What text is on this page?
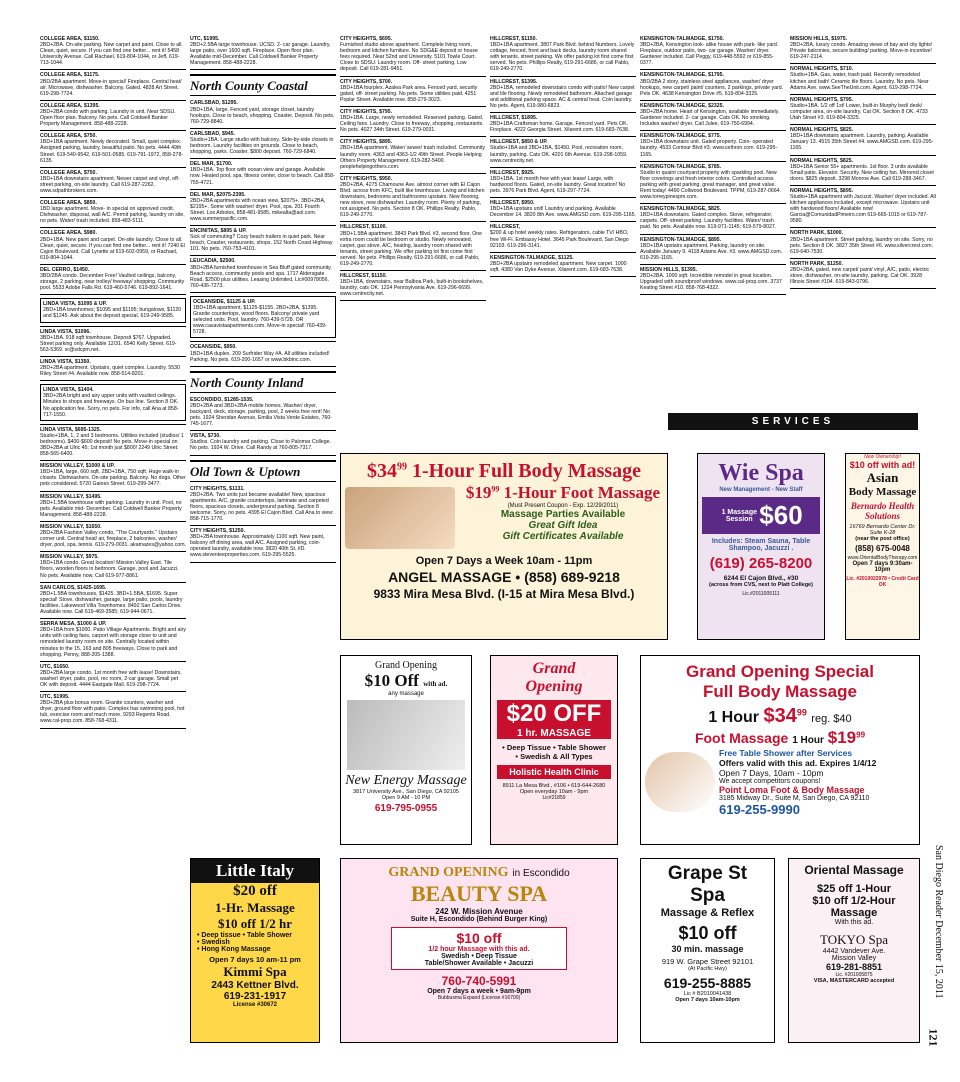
COLLEGE AREA, $1150.
2BD+2BA. On-site parking. New carpet and paint. Close to all. Clean, quiet, secure. If you can find one better... rent it! 5458 University Avenue. Call Rachael, 619-804-1044, or Jeff, 619-713-1044.
COLLEGE AREA, $1175.
2BD/2BA apartment. Move-in special! Fireplace. Central heat/ air. Microwave, dishwasher. Balcony. Gated. 4828 Art Street. 619-298-7724.
COLLEGE AREA, $1395.
2BD+2BA condo with parking. Laundry in unit. Near SDSU. Open floor plan. Balcony. No pets. Call Coldwell Banker Property Management. 858-488-2228.
COLLEGE AREA, $750.
1BD+1BA apartment. Newly decorated. Small, quiet complex. Assigned parking, laundry, beautiful patio. No pets. 4444 49th Street. 619-540-9542, 619-501-0585. 619-791-1972, 858-278-6135.
COLLEGE AREA, $750.
1BD+1BA downstairs apartment. Newer carpet and vinyl, off- street parking, on-site laundry. Call 619-287-2262. www.sdpathbrokers.com.
COLLEGE AREA, $850.
1BD large apartment. Move- in special on approved credit. Dishwasher, disposal, wall A/C. Permit parking, laundry on site, no pets. Water/ trash included. 858-483-5111.
COLLEGE AREA, $980.
2BD+1BA. New paint and carpet. On-site laundry. Close to all. Clean, quiet, secure. If you can find one better... rent it! 7240 El Cajon Boulevard. Call Lynette at 619-602-0959, or Rachael, 619-804-1044.
DEL CERRO, $1450.
3BD/2BA condo. December Free! Vaulted ceilings, balcony, storage, 2 parking, near trolley/ freeway/ shopping. Community pool. 5533 Adobe Falls Rd. 619-460-5746. 619-892-1641.
LINDA VISTA, $1095 & UP.
2BD+1BA townhomes; $1095 and $1195; bungalows, $1120 and $1245. Ask about the deposit special. 619-249-9585.
LINDA VISTA, $1096.
3BD+1BA. 918 sqft townhouse. Deposit $767. Upgraded. Street parking only. Available 12/31. 6540 Kelly Street. 619-563-5369. sr@sdcpm.net.
LINDA VISTA, $1350.
2BD+2BA apartment. Upstairs, quiet complex. Laundry. 5530 Riley Street #4. Available now. 858-514-8201.
LINDA VISTA, $1404.
3BD+2BA bright and airy upper units with vaulted ceilings. Minutes to shops and freeways. On bus line. Section 8 OK. No application fee. Sorry, no pets. For info, call Ana at 858-717-1550.
LINDA VISTA, $695-1325.
Studio+1BA, 1, 2 and 3 bedrooms. Utilities included (studios/ 1 bedrooms). $400-$600 deposit! No pets. Move-in special on 3BD+2BA at Ulric 45; 1st month just $800! 2249 Ulric Street. 858-565-6400.
MISSION VALLEY, $1000 & UP.
1BD+1BA, large, 660 sqft. 2BD+1BA, 750 sqft. Huge walk-in closets. Dishwashers. On-site parking. Balcony. No dogs. Other pets considered. 5720 Gaines Street. 619-299-3477.
MISSION VALLEY, $1495.
2BD+1.5BA townhouse with parking. Laundry in unit. Pool, no pets. Available mid- December. Call Coldwell Banker Property Management. 858-488-2228.
MISSION VALLEY, $1650.
2BD+2BA Fashion Valley condo, "The Courtyards." Upstairs corner unit. Central heat/ air, fireplace, 2 balconies, washer/ dryer, pool, spa, tennis. 619-279-0031. akamazes@yahoo.com.
MISSION VALLEY, $975.
1BD+1BA condo. Great location! Mission Valley East. Tile floors, wooden floors in bedroom. Garage, pool and Jacuzzi. No pets. Available now. Call 619-977-8861.
SAN CARLOS, $1425-1695.
2BD+1.5BA townhouses, $1425. 3BD+1.5BA, $1695. Super special! Stove, dishwasher, garage, large patio, pools, laundry facilities. Lakewood Villa Townhomes. 8492 San Carlos Drive. Available now. Call 619-469-3585; 619-944-0671.
SERRA MESA, $1000 & UP.
2BD+1BA from $1000. Patio Village Apartments. Bright and airy units with ceiling fans, carport with storage close to unit and remodeled laundry room on site. Centrally located within minutes to the 15, 163 and 805 freeways. Close to park and shopping. Penny, 888-205-1388.
UTC, $1650.
2BD+2BA large condo. 1st month free with lease! Downstairs, washer/ dryer, patio, pool, rec room, 2-car garage. Small pet OK with deposit. 4444 Eastgate Mall. 619-298-7724.
UTC, $1995.
2BD+2BA plus bonus room. Granite counters, washer and dryer, ground floor with patio. Complex has swimming pool, hot tub, exercise room and much more. 9293 Regents Road. www.cal-prop.com. 858-768-4311.
UTC, $1995.
2BD+2.5BA large townhouse. UCSD. 2- car garage. Laundry, large patio, over 1600 sqft. Fireplace. Open floor plan. Available mid-December. Call Coldwell Banker Property Management. 858-488-2228.
North County Coastal
CARLSBAD, $1295.
2BD+1BA, large. Fenced yard, storage closet, laundry hookups. Close to beach, shopping. Coaster. Deposit. No pets. 760-729-8840.
CARLSBAD, $945.
Studio+1BA. Large studio with balcony. Side-by-side closets in bedroom. Laundry facilities on grounds. Close to beach, shopping, parks. Coaster. $800 deposit. 760-729-6840.
DEL MAR, $1700.
1BD+1BA. Top floor with ocean view and garage. Available now. Heated pool, spa, fitness center, close to beach. Call 858-755-4721.
DEL MAR, $2075-2395.
2BD+2BA apartments with ocean view, $2075+. 3BD+2BA, $2195+. Some with washer/ dryer. Pool, spa. 201 Fourth Street. Los Arboles, 858-481-9585. mikealta@aol.com. www.summerpacific.com.
ENCINITAS, $895 & UP.
Sick of commuting? Cozy beach trailers in quiet park. Near beach, Coaster, restaurants, shops. 152 North Coast Highway 101. No pets. 760-753-4101.
LEUCADIA, $2500.
3BD+2BA furnished townhouse in Sea Bluff gated community. Beach access, community pools and spa. 1717 Aldersgate Road. $2500 plus utilities. Leasing Unlimited, Lic#00978056. 760-436-7273.
OCEANSIDE, $1125 & UP.
1BD+1BA apartment, $1125-$1155. 2BD+2BA, $1395. Granite countertops, wood floors. Balcony/ private yard selected units. Pool, laundry. 760-439-5728. OR www.casavistaapartments.com. Move-in special! 760-439-5728.
OCEANSIDE, $950.
1BD+1BA duplex. 209 Surfrider Way #A. All utilities included! Parking. No pets. 619-200-1657 or www.bkbinc.com.
North County Inland
ESCONDIDO, $1285-1535.
2BD+2BA and 3BD+2BA mobile homes. Washer/ dryer, backyard, deck, storage, parking, pool, 2 weeks free rent! No pets. 1924 Sheridan Avenue, Emilia Vista Verde Estates, 760-745-1677.
VISTA, $730.
Studios. Coin laundry and parking. Close to Palomar College. No pets. 1924 W. Drive. Call Randy at 760-805-7317.
Old Town & Uptown
CITY HEIGHTS, $1131.
2BD+2BA. Two units just became available! New, spacious apartments. A/C, granite countertops, laminate and carpeted floors, spacious closets, underground parking. Section 8 welcome. Sorry, no pets. 4395 El Cajon Blvd. Call Ana to view: 858-715-1770.
CITY HEIGHTS, $1250.
3BD+2BA townhouse. Approximately 1100 sqft. New paint, balcony off dining area, wall A/C. Assigned parking, coin-operated laundry, available now. 3820 40th St. #D. www.steventeeproperties.com. 619-295-5525.
CITY HEIGHTS, $695.
Furnished studio above apartment. Complete living room, bedroom and kitchen furniture. No SDG&E deposit or house fees required. Near 52nd and University. 5101 Towle Court. Close to SDSU. Laundry room. Off- street parking. Low deposit. Call 619-281-9451.
CITY HEIGHTS, $700.
1BD+1BA fourplex. Azalea Park area. Fenced yard, security gated, off- street parking. No pets. Some utilities paid. 4251 Poplar Street. Available now. 858-279-3023.
CITY HEIGHTS, $795.
1BD+1BA. Large, newly remodeled. Reserved parking. Gated. Ceiling fans. Laundry. Close to freeway, shopping, restaurants. No pets. 4027 34th Street. 619-279-0031.
CITY HEIGHTS, $895.
2BD+1BA apartment. Water/ sewer/ trash included. Community laundry room. 4363 and 4363-1/2 49th Street. People Helping Others Property Management. 619-282-5400. peoplehelpingothers.com.
CITY HEIGHTS, $950.
2BD+2BA, 4275 Chamoune Ave. almost corner with El Cajon Blvd. across from KFC, built like townhouse. Living and kitchen downstairs, bedrooms and bathrooms upstairs. New flooring, new stove, new dishwasher. Laundry room. Plenty of parking, not assigned. No pets. Section 8 OK. Phillips Realty. Pablo, 619-249-2770.
HILLCREST, $1100.
2BD+1.5BA apartment. 3843 Park Blvd. #3, second floor. One extra room could be bedroom or studio. Newly renovated, carpet, gas stove. A/C, heating, laundry room shared with tenants, street parking. We offer parking lot first come first served. No pets. Phillips Realty, 619-291-6686, or call Pablo, 619-249-2770.
HILLCREST, $1150.
1BD+1BA, downstairs, near Balboa Park, built-in bookshelves, laundry, cats OK. 1224 Pennsylvania Ave. 619-296-6699. www.centrecity.net.
HILLCREST, $1150.
1BD+1BA apartment. 3807 Park Blvd. behind Numbers. Lovely cottage, fenced, front and back decks, laundry room shared with tenants, street parking. We offer parking lot first come first served. No pets. Phillips Realty, 619-291-6686, or call Pablo, 619-249-2770.
HILLCREST, $1395.
2BD+1BA, remodeled downstairs condo with patio! New carpet and tile flooring. Newly remodeled bathroom. Attached garage and additional parking space. AC & central heat. Coin laundry. No pets. Agent, 619-980-6823.
HILLCREST, $1895.
2BD+1BA Craftsman home. Garage. Fenced yard. Pets OK. Fireplace. 4222 Georgia Street. Xilarent.com. 619-683-7638.
HILLCREST, $850 & UP.
Studio+1BA and 2BD+1BA, $1450. Pool, recreation room, laundry, parking. Cats OK. 4201 6th Avenue. 619-298-1059. www.centrecity.net.
HILLCREST, $925.
1BD+1BA. 1st month free with year lease! Large, with hardwood floors. Gated, on-site laundry. Great location! No pets. 3976 Park Blvd. Agent, 619-297-7724.
HILLCREST, $950.
1BD+1BA upstairs unit! Laundry and parking. Available December 14. 3820 8th Ave. www.AMGSD.com. 619-295-1165.
HILLCREST,
$200 & up hotel weekly rates. Refrigerators, cable TV/ HBO, free Wi-Fi. Embassy Hotel. 3645 Park Boulevard, San Diego 92103. 619-296-3141.
KENSINGTON-TALMADGE, $1125.
2BD+2BA upstairs remodeled apartment. New carpet. 1000 sqft. 4380 Van Dyke Avenue. Xilarent.com. 619-683-7638.
KENSINGTON-TALMADGE, $1750.
3BD+2BA, Kensington look- alike house with park- like yard. Fireplace, outdoor patio, two- car garage. Washer/ dryer. Gardener included. Call Peggy, 619-448-5592 or 619-855-0377.
KENSINGTON-TALMADGE, $1795.
3BD/2BA 2 story, stainless steel appliances, washer/ dryer hookups, new carpet/ paint/ counters, 2 parkings, private yard. Pets OK. 4638 Kensington Drive #5. 619-804-3325.
KENSINGTON-TALMADGE, $2325.
3BD+2BA home. Heart of Kensington, available immediately. Gardener included. 2- car garage. Cats OK. No smoking. Includes washer/ dryer. Call Julee, 619-750-6994.
KENSINGTON-TALMADGE, $775.
1BD+1BA downstairs unit. Gated property. Coin- operated laundry. 4533 Contour Blvd #3. www.cethron.com. 619-295-1165.
KENSINGTON-TALMADGE, $785.
Studio in quaint courtyard property with sparkling pool. New floor coverings and fresh interior colors. Controlled access parking with great parking, great manager, and great value. Rent today! 4490 Collwood Boulevard. TPPM, 619-287-0664. www.torreypinespm.com.
KENSINGTON-TALMADGE, $825.
1BD+1BA downstairs. Gated complex. Stove, refrigerator, carpets. Off- street parking. Laundry facilities. Water/ trash paid. No pets. Available now. 619-971-1145; 619-579-8027.
KENSINGTON-TALMADGE, $895.
1BD+1BA upstairs apartment. Parking, laundry on site. Available January 9. 4118 Adams Ave. #3. www.AMGSD.com. 619-295-1165.
MISSION HILLS, $1395.
2BD+2BA. 1000 sqft. Incredible remodel in great location. Upgraded with soundproof windows. www.cal-prop.com. 3737 Keating Street #10. 858-768-4322.
MISSION HILLS, $1975.
2BD+2BA, luxury condo. Amazing views of bay and city lights! Private balconies, secure building/ parking. Move-in incentive! 619-247-2114.
NORMAL HEIGHTS, $710.
Studio+1BA. Gas, water, trash paid. Recently remodeled kitchen and bath! Ceramic tile floors. Laundry. No pets. Near Adams Ave. www.SeeTheUnit.com. Agent, 619-298-7724.
NORMAL HEIGHTS, $795.
Studio+1BA. 1/2 off 1st! Lower, built-in Murphy bed/ desk/ computer area, on-site laundry. Cat OK. Section 8 OK. 4733 Utah Street #3. 619-804-3325.
NORMAL HEIGHTS, $825.
1BD+1BA downstairs apartment. Laundry, parking. Available January 13. 4515 35th Street #4. www.AMGSD.com. 619-295-1165.
NORMAL HEIGHTS, $825.
1BD+1BA Senior 55+ apartments. 1st floor. 3 units available Small patio. Elevator. Security. New ceiling fan. Mirrored closet doors. $825 deposit. 3298 Monroe Ave. Call 619-288-3467.
NORMAL HEIGHTS, $895.
Studio+1BA apartment with Jacuzzi. Washer/ dryer included. All kitchen appliances included, except microwave. Upstairs unit with hardwood floors! Available now! Garcia@ComunidadPimeiro.com 619-665-1015 or 619-787-9580.
NORTH PARK, $1000.
2BD+1BA apartment. Street parking, laundry on site. Sorry, no pets. Section 8 OK. 3827 35th Street #6. www.silvercrest.com. 619-640-7530.
NORTH PARK, $1250.
2BD+2BA, gated, new carpet/ paint/ vinyl, A/C, patio, electric stove, dishwasher, on-site laundry, parking. Cat OK. 3928 Illinois Street #104. 619-843-0796.
SERVICES
$\$34^{99}$ 1-Hour Full Body Massage
$\$19^{99}$ 1-Hour Foot Massage
(Must Present Coupon - Exp. 12/29/2011)
Massage Parties Available
Great Gift Idea
Gift Certificates Available
Open 7 Days a Week 10am - 11pm
ANGEL MASSAGE • (858) 689-9218
9833 Mira Mesa Blvd. (I-15 at Mira Mesa Blvd.)
Wie Spa
New Management - New Staff
1 Massage Session $60
Includes: Steam Sauna, Table Shampoo, Jacuzzi .
(619) 265-8200
6244 El Cajon Blvd., #30
(across from CVS, next to Platt College)
Lic.#2011005111
New Ownership!
$10 off with ad!
Asian
Body Massage
Bernardo Health Solutions
16769 Bernardo Center Dr. Suite K-28
(near the post office)
(858) 675-0048
www.OrientalBodyTherapy.com
Open 7 days 9:30am-10pm
Lic. #2010022978 • Credit Card OK
Grand Opening
$10 Off with ad.
any massage
New Energy Massage
3817 University Ave., San Diego, CA 92105
Open 9 AM - 10 PM
619-795-0955
Grand
Opening
$20 OFF
1 hr. MASSAGE
• Deep Tissue • Table Shower
• Swedish & All Types
Holistic Health Clinic
8911 La Mesa Blvd., #106 • 619-644-2680
Open everyday 10am - 9pm
Lic#21859
Grand Opening Special
Full Body Massage
1 Hour $\$34^{99}$ reg. $40
Foot Massage 1 Hour $\$19^{99}$
Free Table Shower after Services
Offers valid with this ad. Expires 1/4/12
Open 7 Days, 10am - 10pm
We accept competitors coupons!
Point Loma Foot & Body Massage
3185 Midway Dr., Suite M, San Diego, CA 92110
619-255-9990
Little Italy
$20 off
1-Hr. Massage
$10 off 1/2 hr
• Deep tissue • Table Shower
• Swedish
• Hong Kong Massage
Open 7 days 10 am-11 pm
Kimmi Spa
2443 Kettner Blvd.
619-231-1917
License #30672
GRAND OPENING in Escondido
BEAUTY SPA
242 W. Mission Avenue
Suite H, Escondido (Behind Burger King)
$10 off
1/2 hour Massage with this ad.
Swedish • Deep Tissue
Table/Shower Available • Jacuzzi
760-740-5991
Open 7 days a week • 9am-9pm
Bubbusma Expand (License #16700)
Grape St
Spa
Massage & Reflex
$10 off
30 min. massage
919 W. Grape Street 92101
(At Pacific Hwy)
619-255-8885
Lic # B2010041438
Open 7 days 10am-10pm
Oriental Massage
$25 off 1-Hour
$10 off 1/2-Hour
Massage
With this ad.
TOKYO Spa
4442 Vandever Ave.
Mission Valley
619-281-8851
Lic. #201005875
VISA, MASTERCARD accepted	San Diego Reader December 15, 2011
121
